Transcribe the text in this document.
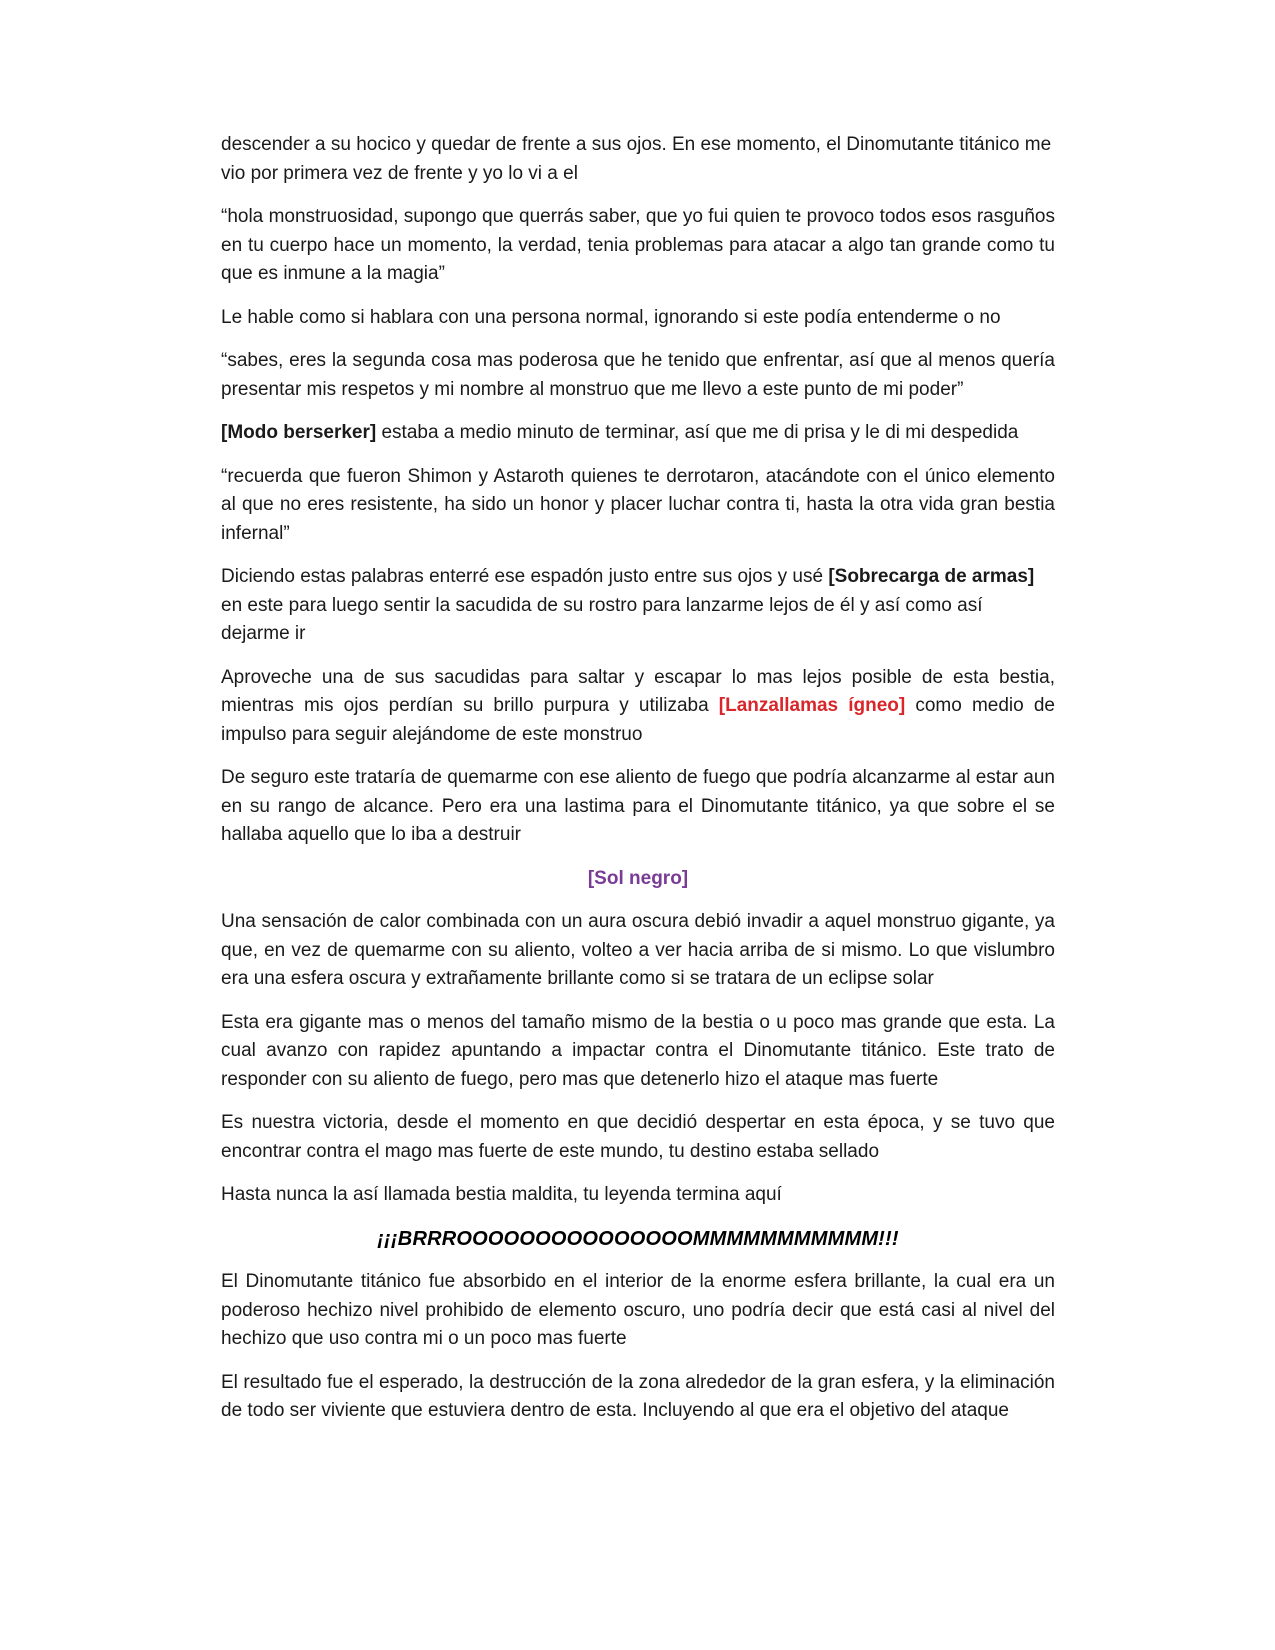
descender a su hocico y quedar de frente a sus ojos. En ese momento, el Dinomutante titánico me vio por primera vez de frente y yo lo vi a el

“hola monstruosidad, supongo que querrás saber, que yo fui quien te provoco todos esos rasguños en tu cuerpo hace un momento, la verdad, tenia problemas para atacar a algo tan grande como tu que es inmune a la magia”

Le hable como si hablara con una persona normal, ignorando si este podía entenderme o no

“sabes, eres la segunda cosa mas poderosa que he tenido que enfrentar, así que al menos quería presentar mis respetos y mi nombre al monstruo que me llevo a este punto de mi poder”

[Modo berserker] estaba a medio minuto de terminar, así que me di prisa y le di mi despedida

“recuerda que fueron Shimon y Astaroth quienes te derrotaron, atacándote con el único elemento al que no eres resistente, ha sido un honor y placer luchar contra ti, hasta la otra vida gran bestia infernal”

Diciendo estas palabras enterré ese espadón justo entre sus ojos y usé [Sobrecarga de armas] en este para luego sentir la sacudida de su rostro para lanzarme lejos de él y así como así dejarme ir

Aproveche una de sus sacudidas para saltar y escapar lo mas lejos posible de esta bestia, mientras mis ojos perdían su brillo purpura y utilizaba [Lanzallamas ígneo] como medio de impulso para seguir alejándome de este monstruo

De seguro este trataría de quemarme con ese aliento de fuego que podría alcanzarme al estar aun en su rango de alcance. Pero era una lastima para el Dinomutante titánico, ya que sobre el se hallaba aquello que lo iba a destruir

[Sol negro]

Una sensación de calor combinada con un aura oscura debió invadir a aquel monstruo gigante, ya que, en vez de quemarme con su aliento, volteo a ver hacia arriba de si mismo. Lo que vislumbro era una esfera oscura y extrañamente brillante como si se tratara de un eclipse solar

Esta era gigante mas o menos del tamaño mismo de la bestia o u poco mas grande que esta. La cual avanzo con rapidez apuntando a impactar contra el Dinomutante titánico. Este trato de responder con su aliento de fuego, pero mas que detenerlo hizo el ataque mas fuerte

Es nuestra victoria, desde el momento en que decidió despertar en esta época, y se tuvo que encontrar contra el mago mas fuerte de este mundo, tu destino estaba sellado

Hasta nunca la así llamada bestia maldita, tu leyenda termina aquí

¡¡¡BRRROOOOOOOOOOOOOOOMMMMMMMMMMM!!!

El Dinomutante titánico fue absorbido en el interior de la enorme esfera brillante, la cual era un poderoso hechizo nivel prohibido de elemento oscuro, uno podría decir que está casi al nivel del hechizo que uso contra mi o un poco mas fuerte

El resultado fue el esperado, la destrucción de la zona alrededor de la gran esfera, y la eliminación de todo ser viviente que estuviera dentro de esta. Incluyendo al que era el objetivo del ataque
